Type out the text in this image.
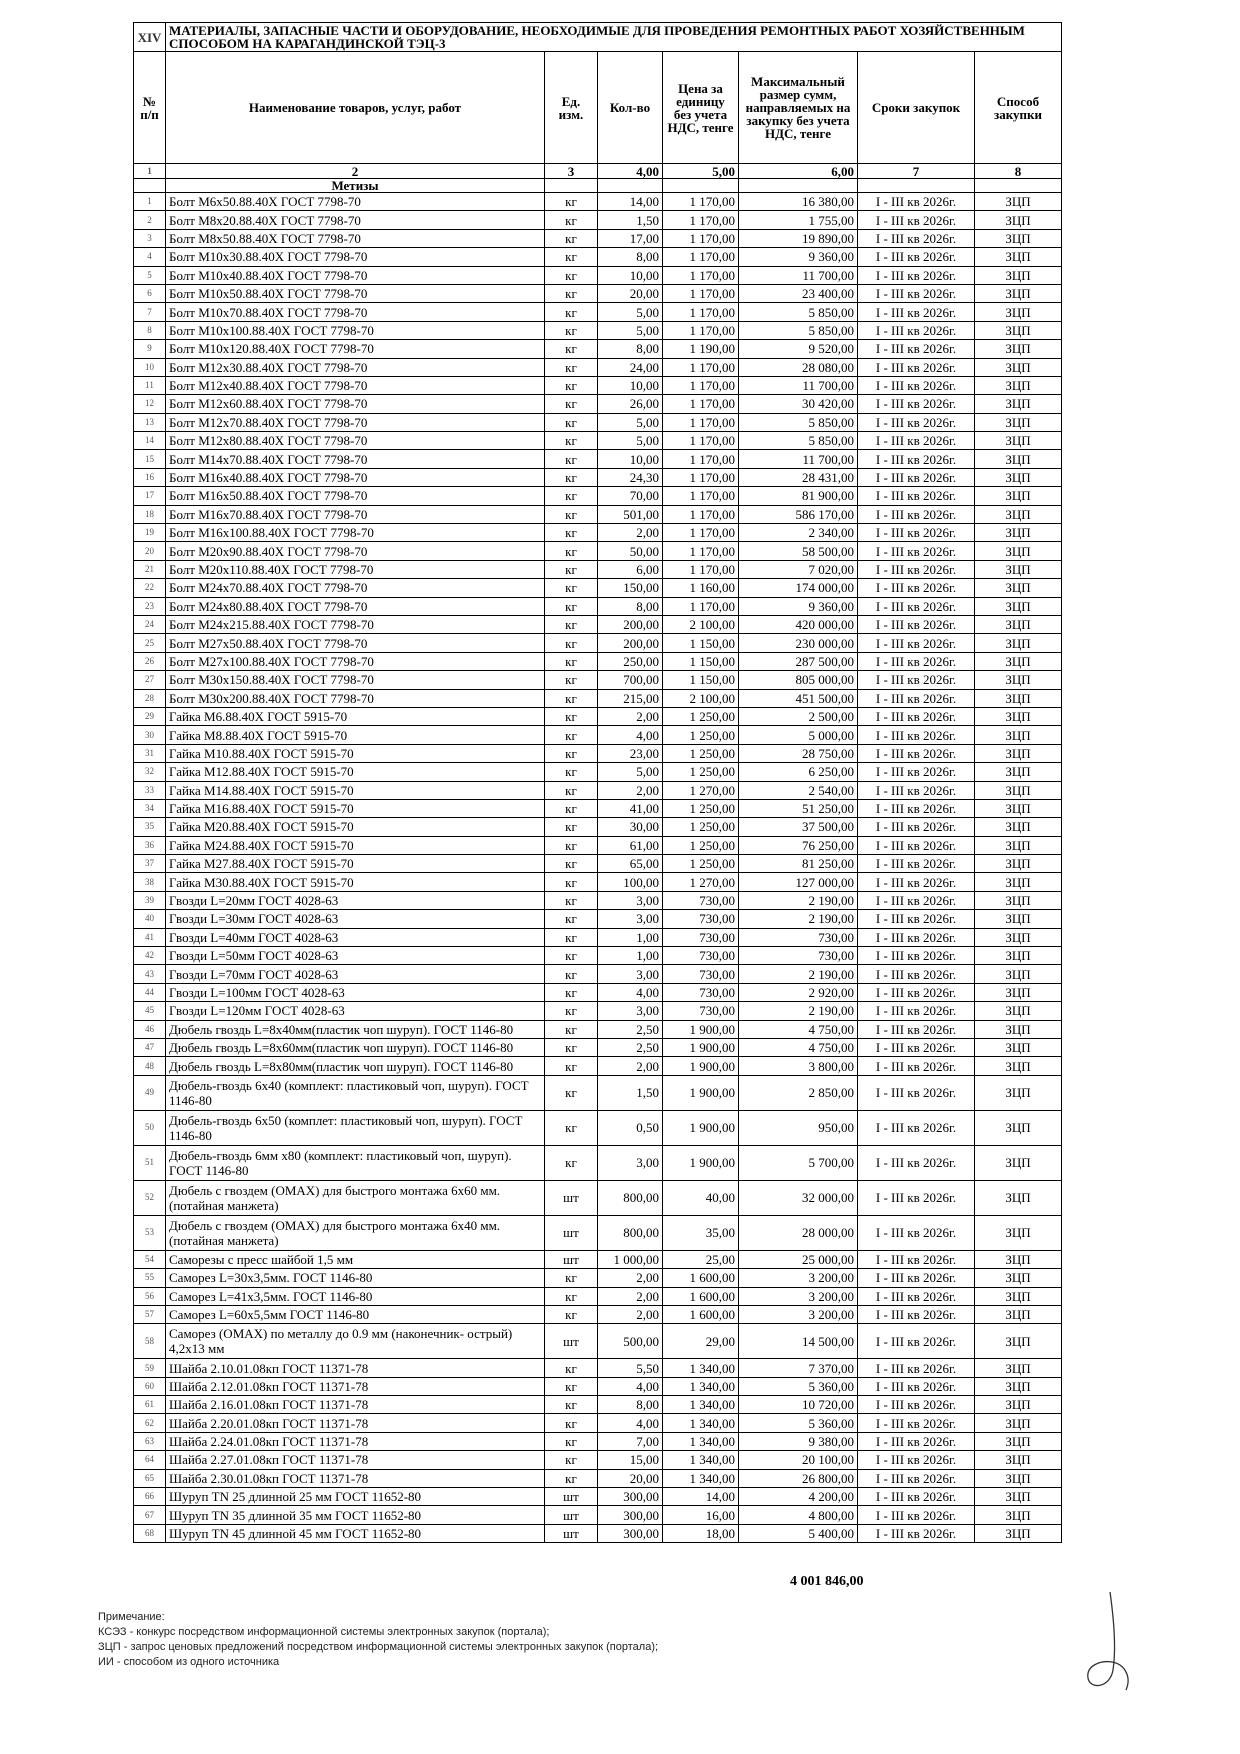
XIV	МАТЕРИАЛЫ, ЗАПАСНЫЕ ЧАСТИ И ОБОРУДОВАНИЕ, НЕОБХОДИМЫЕ ДЛЯ ПРОВЕДЕНИЯ РЕМОНТНЫХ РАБОТ ХОЗЯЙСТВЕННЫМ СПОСОБОМ НА КАРАГАНДИНСКОЙ ТЭЦ-3						
№ п/п	Наименование товаров, услуг, работ	Ед. изм.	Кол-во	Цена за единицу без учета НДС, тенге	Максимальный размер сумм, направляемых на закупку без учета НДС, тенге	Сроки закупок	Способ закупки
1	2	3	4,00	5,00	6,00	7	8
	Метизы						
1	Болт М6х50.88.40Х ГОСТ 7798-70	кг	14,00	1 170,00	16 380,00	I - III кв 2026г.	ЗЦП
2	Болт М8х20.88.40Х ГОСТ 7798-70	кг	1,50	1 170,00	1 755,00	I - III кв 2026г.	ЗЦП
3	Болт М8х50.88.40Х ГОСТ 7798-70	кг	17,00	1 170,00	19 890,00	I - III кв 2026г.	ЗЦП
4	Болт М10х30.88.40Х ГОСТ 7798-70	кг	8,00	1 170,00	9 360,00	I - III кв 2026г.	ЗЦП
5	Болт М10х40.88.40Х ГОСТ 7798-70	кг	10,00	1 170,00	11 700,00	I - III кв 2026г.	ЗЦП
6	Болт М10х50.88.40Х ГОСТ 7798-70	кг	20,00	1 170,00	23 400,00	I - III кв 2026г.	ЗЦП
7	Болт М10х70.88.40Х ГОСТ 7798-70	кг	5,00	1 170,00	5 850,00	I - III кв 2026г.	ЗЦП
8	Болт М10х100.88.40Х ГОСТ 7798-70	кг	5,00	1 170,00	5 850,00	I - III кв 2026г.	ЗЦП
9	Болт М10х120.88.40Х ГОСТ 7798-70	кг	8,00	1 190,00	9 520,00	I - III кв 2026г.	ЗЦП
10	Болт М12х30.88.40Х ГОСТ 7798-70	кг	24,00	1 170,00	28 080,00	I - III кв 2026г.	ЗЦП
11	Болт М12х40.88.40Х ГОСТ 7798-70	кг	10,00	1 170,00	11 700,00	I - III кв 2026г.	ЗЦП
12	Болт М12х60.88.40Х ГОСТ 7798-70	кг	26,00	1 170,00	30 420,00	I - III кв 2026г.	ЗЦП
13	Болт М12х70.88.40Х ГОСТ 7798-70	кг	5,00	1 170,00	5 850,00	I - III кв 2026г.	ЗЦП
14	Болт М12х80.88.40Х ГОСТ 7798-70	кг	5,00	1 170,00	5 850,00	I - III кв 2026г.	ЗЦП
15	Болт М14х70.88.40Х ГОСТ 7798-70	кг	10,00	1 170,00	11 700,00	I - III кв 2026г.	ЗЦП
16	Болт М16х40.88.40Х ГОСТ 7798-70	кг	24,30	1 170,00	28 431,00	I - III кв 2026г.	ЗЦП
17	Болт М16х50.88.40Х ГОСТ 7798-70	кг	70,00	1 170,00	81 900,00	I - III кв 2026г.	ЗЦП
18	Болт М16х70.88.40Х ГОСТ 7798-70	кг	501,00	1 170,00	586 170,00	I - III кв 2026г.	ЗЦП
19	Болт М16х100.88.40Х ГОСТ 7798-70	кг	2,00	1 170,00	2 340,00	I - III кв 2026г.	ЗЦП
20	Болт М20х90.88.40Х ГОСТ 7798-70	кг	50,00	1 170,00	58 500,00	I - III кв 2026г.	ЗЦП
21	Болт М20х110.88.40Х ГОСТ 7798-70	кг	6,00	1 170,00	7 020,00	I - III кв 2026г.	ЗЦП
22	Болт М24х70.88.40Х ГОСТ 7798-70	кг	150,00	1 160,00	174 000,00	I - III кв 2026г.	ЗЦП
23	Болт М24х80.88.40Х ГОСТ 7798-70	кг	8,00	1 170,00	9 360,00	I - III кв 2026г.	ЗЦП
24	Болт М24х215.88.40Х ГОСТ 7798-70	кг	200,00	2 100,00	420 000,00	I - III кв 2026г.	ЗЦП
25	Болт М27х50.88.40Х ГОСТ 7798-70	кг	200,00	1 150,00	230 000,00	I - III кв 2026г.	ЗЦП
26	Болт М27х100.88.40Х ГОСТ 7798-70	кг	250,00	1 150,00	287 500,00	I - III кв 2026г.	ЗЦП
27	Болт М30х150.88.40Х ГОСТ 7798-70	кг	700,00	1 150,00	805 000,00	I - III кв 2026г.	ЗЦП
28	Болт М30х200.88.40Х ГОСТ 7798-70	кг	215,00	2 100,00	451 500,00	I - III кв 2026г.	ЗЦП
29	Гайка М6.88.40Х ГОСТ 5915-70	кг	2,00	1 250,00	2 500,00	I - III кв 2026г.	ЗЦП
30	Гайка М8.88.40Х ГОСТ 5915-70	кг	4,00	1 250,00	5 000,00	I - III кв 2026г.	ЗЦП
31	Гайка М10.88.40Х ГОСТ 5915-70	кг	23,00	1 250,00	28 750,00	I - III кв 2026г.	ЗЦП
32	Гайка М12.88.40Х ГОСТ 5915-70	кг	5,00	1 250,00	6 250,00	I - III кв 2026г.	ЗЦП
33	Гайка М14.88.40Х ГОСТ 5915-70	кг	2,00	1 270,00	2 540,00	I - III кв 2026г.	ЗЦП
34	Гайка М16.88.40Х ГОСТ 5915-70	кг	41,00	1 250,00	51 250,00	I - III кв 2026г.	ЗЦП
35	Гайка М20.88.40Х ГОСТ 5915-70	кг	30,00	1 250,00	37 500,00	I - III кв 2026г.	ЗЦП
36	Гайка М24.88.40Х ГОСТ 5915-70	кг	61,00	1 250,00	76 250,00	I - III кв 2026г.	ЗЦП
37	Гайка М27.88.40Х ГОСТ 5915-70	кг	65,00	1 250,00	81 250,00	I - III кв 2026г.	ЗЦП
38	Гайка М30.88.40Х ГОСТ 5915-70	кг	100,00	1 270,00	127 000,00	I - III кв 2026г.	ЗЦП
39	Гвозди L=20мм ГОСТ 4028-63	кг	3,00	730,00	2 190,00	I - III кв 2026г.	ЗЦП
40	Гвозди L=30мм ГОСТ 4028-63	кг	3,00	730,00	2 190,00	I - III кв 2026г.	ЗЦП
41	Гвозди L=40мм ГОСТ 4028-63	кг	1,00	730,00	730,00	I - III кв 2026г.	ЗЦП
42	Гвозди L=50мм ГОСТ 4028-63	кг	1,00	730,00	730,00	I - III кв 2026г.	ЗЦП
43	Гвозди L=70мм ГОСТ 4028-63	кг	3,00	730,00	2 190,00	I - III кв 2026г.	ЗЦП
44	Гвозди L=100мм ГОСТ 4028-63	кг	4,00	730,00	2 920,00	I - III кв 2026г.	ЗЦП
45	Гвозди L=120мм ГОСТ 4028-63	кг	3,00	730,00	2 190,00	I - III кв 2026г.	ЗЦП
46	Дюбель гвоздь L=8х40мм(пластик чоп шуруп). ГОСТ 1146-80	кг	2,50	1 900,00	4 750,00	I - III кв 2026г.	ЗЦП
47	Дюбель гвоздь L=8х60мм(пластик чоп шуруп). ГОСТ 1146-80	кг	2,50	1 900,00	4 750,00	I - III кв 2026г.	ЗЦП
48	Дюбель гвоздь L=8х80мм(пластик чоп шуруп). ГОСТ 1146-80	кг	2,00	1 900,00	3 800,00	I - III кв 2026г.	ЗЦП
49	Дюбель-гвоздь 6х40 (комплект: пластиковый чоп, шуруп). ГОСТ 1146-80	кг	1,50	1 900,00	2 850,00	I - III кв 2026г.	ЗЦП
50	Дюбель-гвоздь 6х50 (комплет: пластиковый чоп, шуруп). ГОСТ 1146-80	кг	0,50	1 900,00	950,00	I - III кв 2026г.	ЗЦП
51	Дюбель-гвоздь 6мм х80 (комплект: пластиковый чоп, шуруп). ГОСТ 1146-80	кг	3,00	1 900,00	5 700,00	I - III кв 2026г.	ЗЦП
52	Дюбель с гвоздем (OMAX) для быстрого монтажа 6х60 мм. (потайная манжета)	шт	800,00	40,00	32 000,00	I - III кв 2026г.	ЗЦП
53	Дюбель с гвоздем (OMAX) для быстрого монтажа 6х40 мм. (потайная манжета)	шт	800,00	35,00	28 000,00	I - III кв 2026г.	ЗЦП
54	Саморезы с пресс шайбой 1,5 мм	шт	1 000,00	25,00	25 000,00	I - III кв 2026г.	ЗЦП
55	Саморез L=30х3,5мм. ГОСТ 1146-80	кг	2,00	1 600,00	3 200,00	I - III кв 2026г.	ЗЦП
56	Саморез L=41х3,5мм. ГОСТ 1146-80	кг	2,00	1 600,00	3 200,00	I - III кв 2026г.	ЗЦП
57	Саморез L=60х5,5мм ГОСТ 1146-80	кг	2,00	1 600,00	3 200,00	I - III кв 2026г.	ЗЦП
58	Саморез (OMAX) по металлу до 0.9 мм (наконечник- острый) 4,2х13 мм	шт	500,00	29,00	14 500,00	I - III кв 2026г.	ЗЦП
59	Шайба 2.10.01.08кп ГОСТ 11371-78	кг	5,50	1 340,00	7 370,00	I - III кв 2026г.	ЗЦП
60	Шайба 2.12.01.08кп ГОСТ 11371-78	кг	4,00	1 340,00	5 360,00	I - III кв 2026г.	ЗЦП
61	Шайба 2.16.01.08кп ГОСТ 11371-78	кг	8,00	1 340,00	10 720,00	I - III кв 2026г.	ЗЦП
62	Шайба 2.20.01.08кп ГОСТ 11371-78	кг	4,00	1 340,00	5 360,00	I - III кв 2026г.	ЗЦП
63	Шайба 2.24.01.08кп ГОСТ 11371-78	кг	7,00	1 340,00	9 380,00	I - III кв 2026г.	ЗЦП
64	Шайба 2.27.01.08кп ГОСТ 11371-78	кг	15,00	1 340,00	20 100,00	I - III кв 2026г.	ЗЦП
65	Шайба 2.30.01.08кп ГОСТ 11371-78	кг	20,00	1 340,00	26 800,00	I - III кв 2026г.	ЗЦП
66	Шуруп TN 25 длинной 25 мм ГОСТ 11652-80	шт	300,00	14,00	4 200,00	I - III кв 2026г.	ЗЦП
67	Шуруп TN 35 длинной 35 мм ГОСТ 11652-80	шт	300,00	16,00	4 800,00	I - III кв 2026г.	ЗЦП
68	Шуруп TN 45 длинной 45 мм ГОСТ 11652-80	шт	300,00	18,00	5 400,00	I - III кв 2026г.	ЗЦП
4 001 846,00
Примечание:
КСЭЗ - конкурс посредством информационной системы электронных закупок (портала);
ЗЦП - запрос ценовых предложений посредством информационной системы электронных закупок (портала);
ИИ - способом из одного источника
